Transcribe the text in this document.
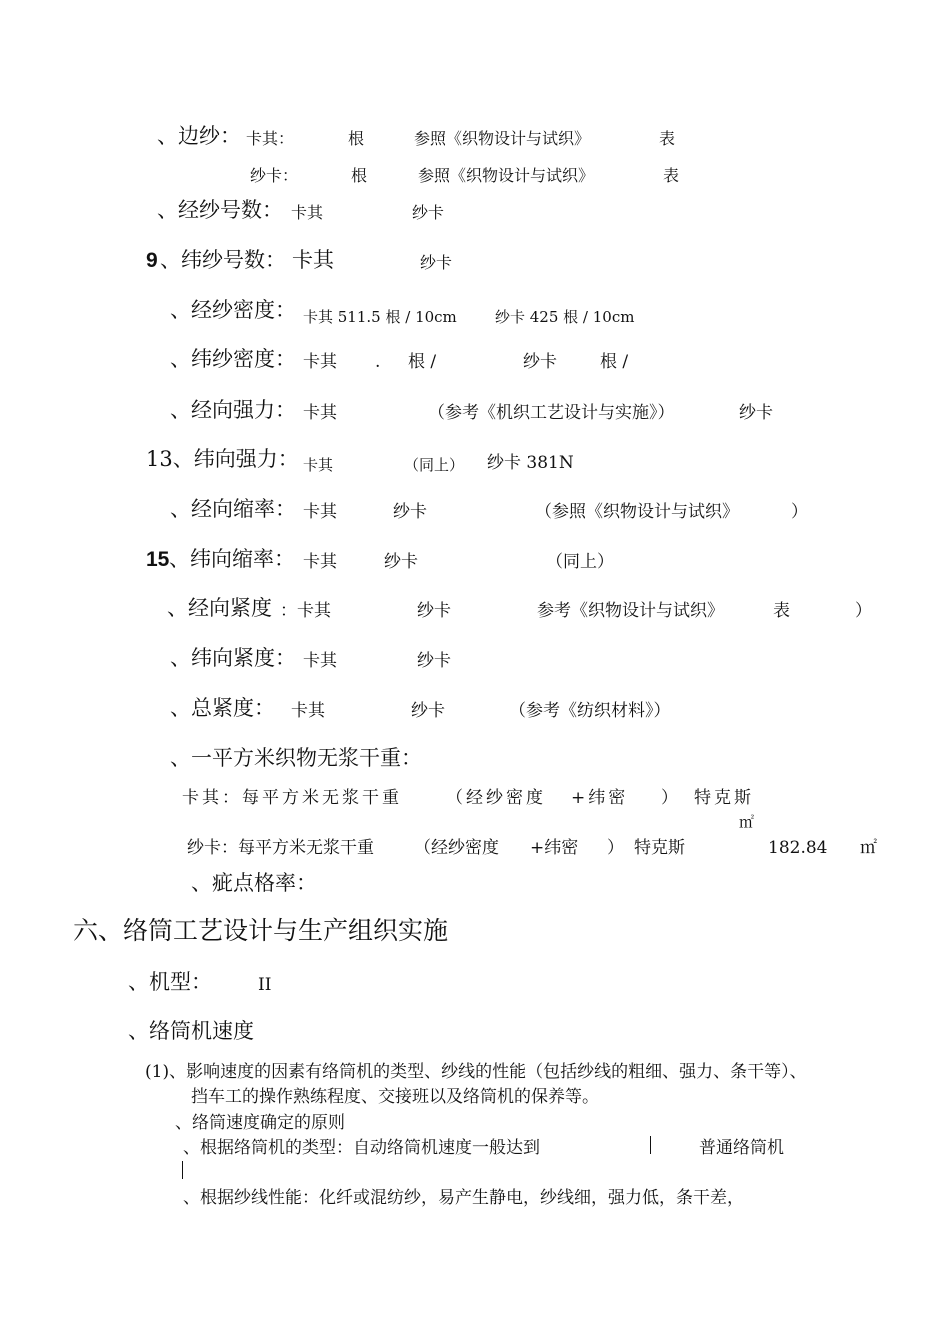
、边纱： 卡其：	根	参照《织物设计与试织》	表
纱卡：	根	参照《织物设计与试织》	表
、经纱号数： 卡其	纱卡
9 、纬纱号数： 卡其	纱卡
、经纱密度： 卡其 511.5 根 / 10cm	纱卡 425 根 / 10cm
、纬纱密度： 卡其 . 根 /	纱卡	根 /
、经向强力： 卡其	（参考《机织工艺设计与实施》）	纱卡
13、纬向强力： 卡其	（同上） 纱卡 381N
、经向缩率： 卡其	纱卡	（参照《织物设计与试织》	）
15 、纬向缩率： 卡其	纱卡	（同上）
、经向紧度 ：卡其	纱卡	参考《织物设计与试织》	表	）
、纬向紧度： 卡其	纱卡
、总紧度： 卡其	纱卡	（参考《纺织材料》）
、一平方米织物无浆干重：
卡其：每平方米无浆干重	（经纱密度 +纬密 ） 特克斯
㎡
纱卡：每平方米无浆干重 （经纱密度 +纬密 ） 特克斯	182.84 ㎡
、疵点格率：
六、络筒工艺设计与生产组织实施
、机型：	II
、络筒机速度
(1)、影响速度的因素有络筒机的类型、纱线的性能（包括纱线的粗细、强力、条干等）、
挡车工的操作熟练程度、交接班以及络筒机的保养等。
、络筒速度确定的原则
、根据络筒机的类型：自动络筒机速度一般达到	普通络筒机
、根据纱线性能：化纤或混纺纱，易产生静电，纱线细，强力低，条干差，
